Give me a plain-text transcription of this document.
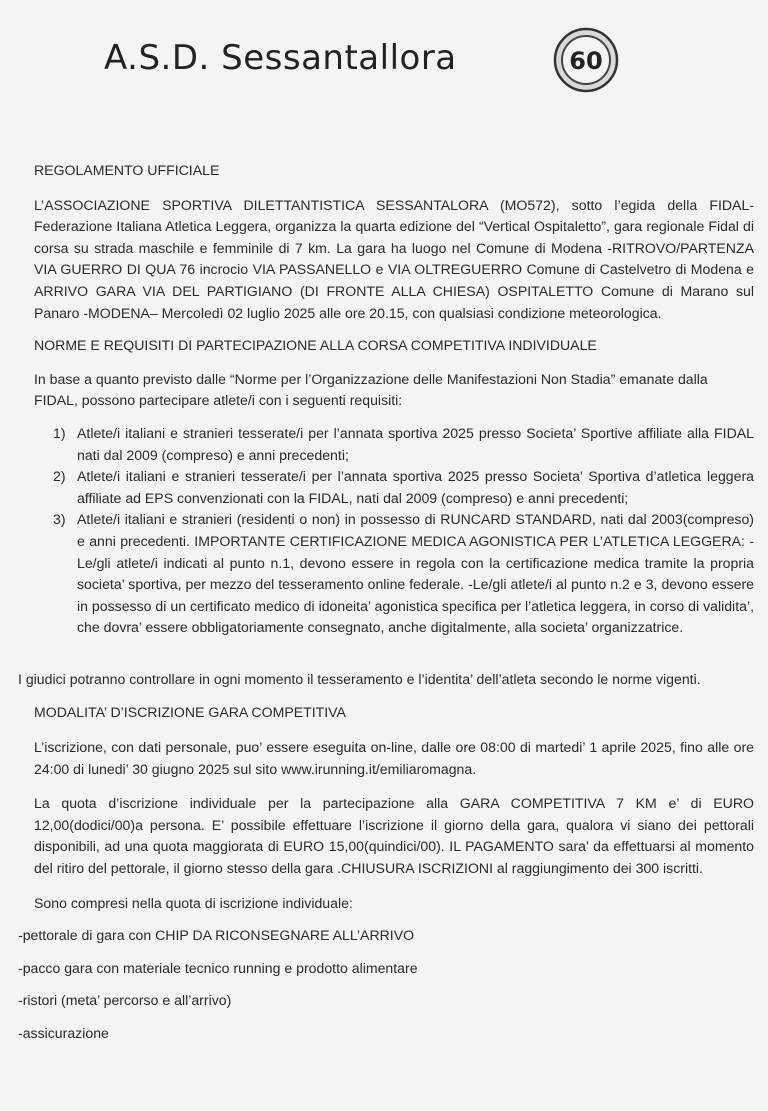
A.S.D. Sessantallora	60

REGOLAMENTO UFFICIALE

L’ASSOCIAZIONE SPORTIVA DILETTANTISTICA SESSANTALORA (MO572), sotto l’egida della FIDAL-Federazione Italiana Atletica Leggera, organizza la quarta edizione del “Vertical Ospitaletto”, gara regionale Fidal di corsa su strada maschile e femminile di 7 km. La gara ha luogo nel Comune di Modena -RITROVO/PARTENZA VIA GUERRO DI QUA 76 incrocio VIA PASSANELLO e VIA OLTREGUERRO Comune di Castelvetro di Modena e ARRIVO GARA VIA DEL PARTIGIANO (DI FRONTE ALLA CHIESA) OSPITALETTO Comune di Marano sul Panaro -MODENA– Mercoledì 02 luglio 2025 alle ore 20.15, con qualsiasi condizione meteorologica.

NORME E REQUISITI DI PARTECIPAZIONE ALLA CORSA COMPETITIVA INDIVIDUALE

In base a quanto previsto dalle “Norme per l’Organizzazione delle Manifestazioni Non Stadia” emanate dalla FIDAL, possono partecipare atlete/i con i seguenti requisiti:

1) Atlete/i italiani e stranieri tesserate/i per l’annata sportiva 2025 presso Societa’ Sportive affiliate alla FIDAL nati dal 2009 (compreso) e anni precedenti;
2) Atlete/i italiani e stranieri tesserate/i per l’annata sportiva 2025 presso Societa’ Sportiva d’atletica leggera affiliate ad EPS convenzionati con la FIDAL, nati dal 2009 (compreso) e anni precedenti;
3) Atlete/i italiani e stranieri (residenti o non) in possesso di RUNCARD STANDARD, nati dal 2003(compreso) e anni precedenti. IMPORTANTE CERTIFICAZIONE MEDICA AGONISTICA PER L’ATLETICA LEGGERA: -Le/gli atlete/i indicati al punto n.1, devono essere in regola con la certificazione medica tramite la propria societa’ sportiva, per mezzo del tesseramento online federale. -Le/gli atlete/i al punto n.2 e 3, devono essere in possesso di un certificato medico di idoneita’ agonistica specifica per l’atletica leggera, in corso di validita’, che dovra’ essere obbligatoriamente consegnato, anche digitalmente, alla societa’ organizzatrice.

I giudici potranno controllare in ogni momento il tesseramento e l’identita’ dell’atleta secondo le norme vigenti.

MODALITA’ D’ISCRIZIONE GARA COMPETITIVA

L’iscrizione, con dati personale, puo’ essere eseguita on-line, dalle ore 08:00 di martedi’ 1 aprile 2025, fino alle ore 24:00 di lunedi’ 30 giugno 2025 sul sito www.irunning.it/emiliaromagna.

La quota d’iscrizione individuale per la partecipazione alla GARA COMPETITIVA 7 KM e’ di EURO 12,00(dodici/00)a persona. E’ possibile effettuare l’iscrizione il giorno della gara, qualora vi siano dei pettorali disponibili, ad una quota maggiorata di EURO 15,00(quindici/00). IL PAGAMENTO sara’ da effettuarsi al momento del ritiro del pettorale, il giorno stesso della gara .CHIUSURA ISCRIZIONI al raggiungimento dei 300 iscritti.

Sono compresi nella quota di iscrizione individuale:

-pettorale di gara con CHIP DA RICONSEGNARE ALL’ARRIVO

-pacco gara con materiale tecnico running e prodotto alimentare

-ristori (meta’ percorso e all’arrivo)

-assicurazione
